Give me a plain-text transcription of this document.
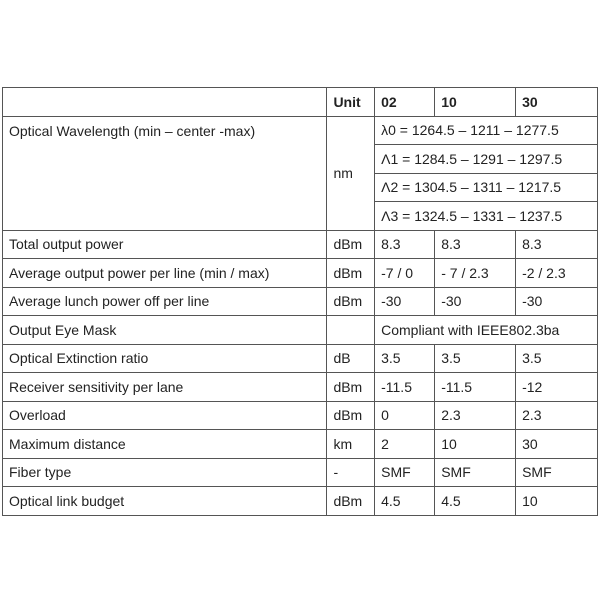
	Unit	02	10	30
Optical Wavelength (min – center -max)	nm	λ0 = 1264.5 – 1211 – 1277.5		
		Λ1 = 1284.5 – 1291 – 1297.5		
		Λ2 = 1304.5 – 1311 – 1217.5		
		Λ3 = 1324.5 – 1331 – 1237.5		
Total output power	dBm	8.3	8.3	8.3
Average output power per line (min / max)	dBm	-7 / 0	- 7 / 2.3	-2 / 2.3
Average lunch power off per line	dBm	-30	-30	-30
Output Eye Mask		Compliant with IEEE802.3ba		
Optical Extinction ratio	dB	3.5	3.5	3.5
Receiver sensitivity per lane	dBm	-11.5	-11.5	-12
Overload	dBm	0	2.3	2.3
Maximum distance	km	2	10	30
Fiber type	-	SMF	SMF	SMF
Optical link budget	dBm	4.5	4.5	10
